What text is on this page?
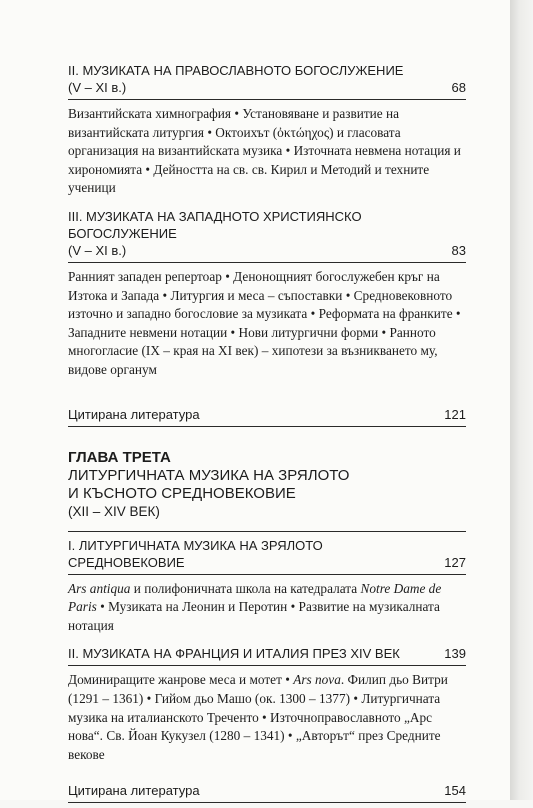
II. МУЗИКАТА НА ПРАВОСЛАВНОТО БОГОСЛУЖЕНИЕ
(V – XI в.)	68
Византийската химнография • Установяване и развитие на византийската литургия • Октоихът (ὀκτώηχος) и гласовата организация на византийската музика • Източната невмена нотация и хирономията • Дейността на св. св. Кирил и Методий и техните ученици
III. МУЗИКАТА НА ЗАПАДНОТО ХРИСТИЯНСКО БОГОСЛУЖЕНИЕ
(V – XI в.)	83
Ранният западен репертоар • Денонощният богослужебен кръг на Изтока и Запада • Литургия и меса – съпоставки • Средновековното източно и западно богословие за музиката • Реформата на франките • Западните невмени нотации • Нови литургични форми • Ранното многогласие (IX – края на XI век) – хипотези за възникването му, видове органум
Цитирана литература	121
ГЛАВА ТРЕТА
ЛИТУРГИЧНАТА МУЗИКА НА ЗРЯЛОТО
И КЪСНОТО СРЕДНОВЕКОВИЕ
(XII – XIV ВЕК)
I. ЛИТУРГИЧНАТА МУЗИКА НА ЗРЯЛОТО СРЕДНОВЕКОВИЕ	127
Ars antiqua и полифоничната школа на катедралата Notre Dame de Paris • Музиката на Леонин и Перотин • Развитие на музикалната нотация
II. МУЗИКАТА НА ФРАНЦИЯ И ИТАЛИЯ ПРЕЗ XIV ВЕК	139
Доминиращите жанрове меса и мотет • Ars nova. Филип дьо Витри (1291 – 1361) • Гийом дьо Машо (ок. 1300 – 1377) • Литургичната музика на италианското Треченто • Източноправославното „Арс нова“. Св. Йоан Кукузел (1280 – 1341) • „Авторът“ през Средните векове
Цитирана литература	154
